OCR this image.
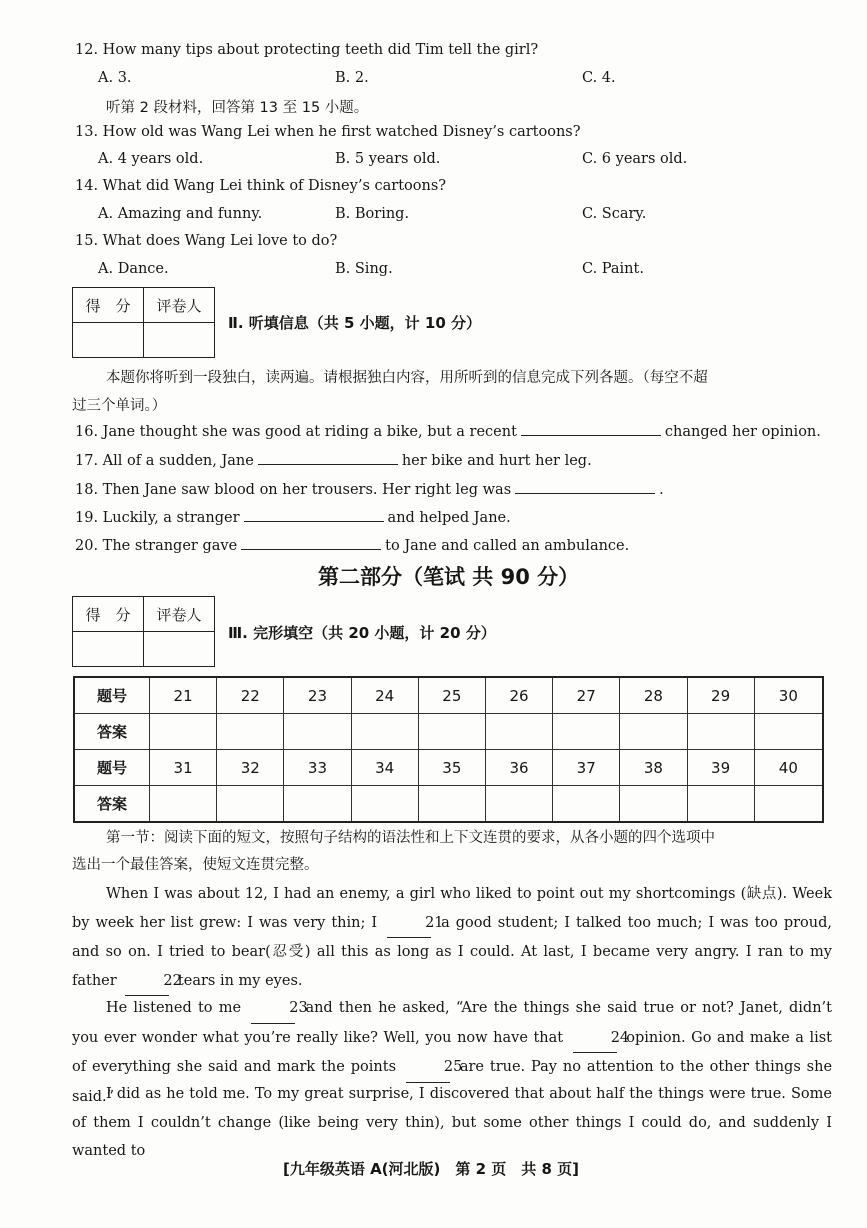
12. How many tips about protecting teeth did Tim tell the girl?
A. 3.	B. 2.	C. 4.
听第 2 段材料，回答第 13 至 15 小题。
13. How old was Wang Lei when he first watched Disney’s cartoons?
A. 4 years old.	B. 5 years old.	C. 6 years old.
14. What did Wang Lei think of Disney’s cartoons?
A. Amazing and funny.	B. Boring.	C. Scary.
15. What does Wang Lei love to do?
A. Dance.	B. Sing.	C. Paint.
得　分	评卷人

Ⅱ. 听填信息（共 5 小题，计 10 分）
本题你将听到一段独白，读两遍。请根据独白内容，用所听到的信息完成下列各题。（每空不超
过三个单词。）
16. Jane thought she was good at riding a bike, but a recent	changed her opinion.
17. All of a sudden, Jane	her bike and hurt her leg.
18. Then Jane saw blood on her trousers. Her right leg was	.
19. Luckily, a stranger	and helped Jane.
20. The stranger gave	to Jane and called an ambulance.
第二部分（笔试 共 90 分）
得　分	评卷人

Ⅲ. 完形填空（共 20 小题，计 20 分）
题号	21	22	23	24	25	26	27	28	29	30
答案										
题号	31	32	33	34	35	36	37	38	39	40
答案										
第一节：阅读下面的短文，按照句子结构的语法性和上下文连贯的要求，从各小题的四个选项中
选出一个最佳答案，使短文连贯完整。
When I was about 12, I had an enemy, a girl who liked to point out my shortcomings (缺点). Week by week her list grew: I was very thin; I	21 a good student; I talked too much; I was too proud, and so on. I tried to bear(忍受) all this as long as I could. At last, I became very angry. I ran to my father	22 tears in my eyes.
He listened to me	23 and then he asked, “Are the things she said true or not? Janet, didn’t you ever wonder what you’re really like? Well, you now have that	24 opinion. Go and make a list of everything she said and mark the points	25 are true. Pay no attention to the other things she said.”
I did as he told me. To my great surprise, I discovered that about half the things were true. Some of them I couldn’t change (like being very thin), but some other things I could do, and suddenly I wanted to
[九年级英语 A(河北版)　第 2 页　共 8 页]
